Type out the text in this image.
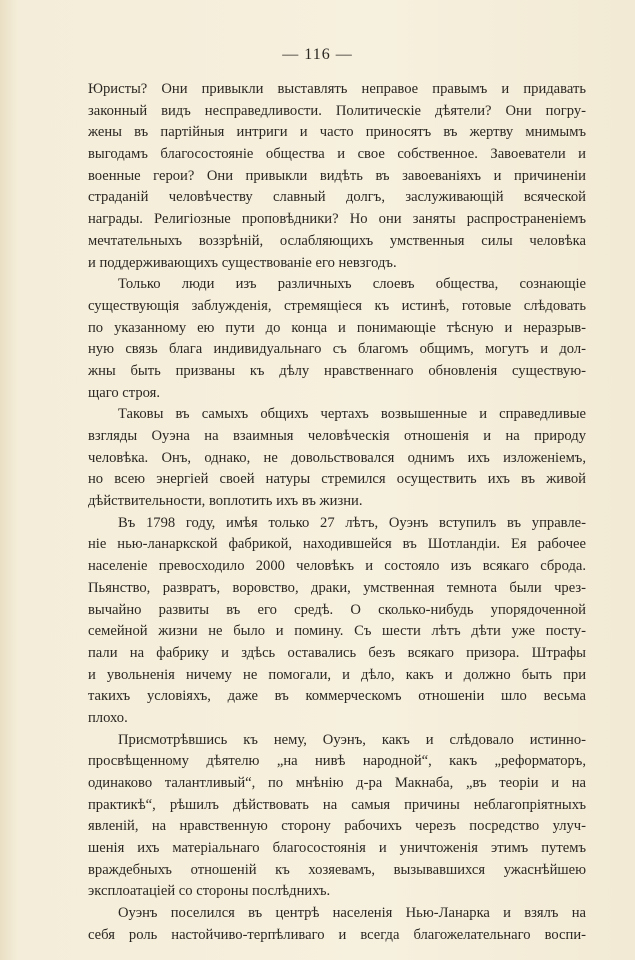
— 116 —
Юристы? Они привыкли выставлять неправое правымъ и придавать
законный видъ несправедливости. Политическіе дѣятели? Они погру-
жены въ партійныя интриги и часто приносятъ въ жертву мнимымъ
выгодамъ благосостояніе общества и свое собственное. Завоеватели и
военные герои? Они привыкли видѣть въ завоеваніяхъ и причиненіи
страданій человѣчеству славный долгъ, заслуживающій всяческой
награды. Религіозные проповѣдники? Но они заняты распространеніемъ
мечтательныхъ воззрѣній, ослабляющихъ умственныя силы человѣка
и поддерживающихъ существованіе его невзгодъ.
Только люди изъ различныхъ слоевъ общества, сознающіе
существующія заблужденія, стремящіеся къ истинѣ, готовые слѣдовать
по указанному ею пути до конца и понимающіе тѣсную и неразрыв-
ную связь блага индивидуальнаго съ благомъ общимъ, могутъ и дол-
жны быть призваны къ дѣлу нравственнаго обновленія существую-
щаго строя.
Таковы въ самыхъ общихъ чертахъ возвышенные и справедливые
взгляды Оуэна на взаимныя человѣческія отношенія и на природу
человѣка. Онъ, однако, не довольствовался однимъ ихъ изложеніемъ,
но всею энергіей своей натуры стремился осуществить ихъ въ живой
дѣйствительности, воплотить ихъ въ жизни.
Въ 1798 году, имѣя только 27 лѣтъ, Оуэнъ вступилъ въ управле-
ніе нью-ланаркской фабрикой, находившейся въ Шотландіи. Ея рабочее
населеніе превосходило 2000 человѣкъ и состояло изъ всякаго сброда.
Пьянство, развратъ, воровство, драки, умственная темнота были чрез-
вычайно развиты въ его средѣ. О сколько-нибудь упорядоченной
семейной жизни не было и помину. Съ шести лѣтъ дѣти уже посту-
пали на фабрику и здѣсь оставались безъ всякаго призора. Штрафы
и увольненія ничему не помогали, и дѣло, какъ и должно быть при
такихъ условіяхъ, даже въ коммерческомъ отношеніи шло весьма
плохо.
Присмотрѣвшись къ нему, Оуэнъ, какъ и слѣдовало истинно-
просвѣщенному дѣятелю „на нивѣ народной“, какъ „реформаторъ,
одинаково талантливый“, по мнѣнію д-ра Макнаба, „въ теоріи и на
практикѣ“, рѣшилъ дѣйствовать на самыя причины неблагопріятныхъ
явленій, на нравственную сторону рабочихъ черезъ посредство улуч-
шенія ихъ матеріальнаго благосостоянія и уничтоженія этимъ путемъ
враждебныхъ отношеній къ хозяевамъ, вызывавшихся ужаснѣйшею
эксплоатаціей со стороны послѣднихъ.
Оуэнъ поселился въ центрѣ населенія Нью-Ланарка и взялъ на
себя роль настойчиво-терпѣливаго и всегда благожелательнаго воспи-
